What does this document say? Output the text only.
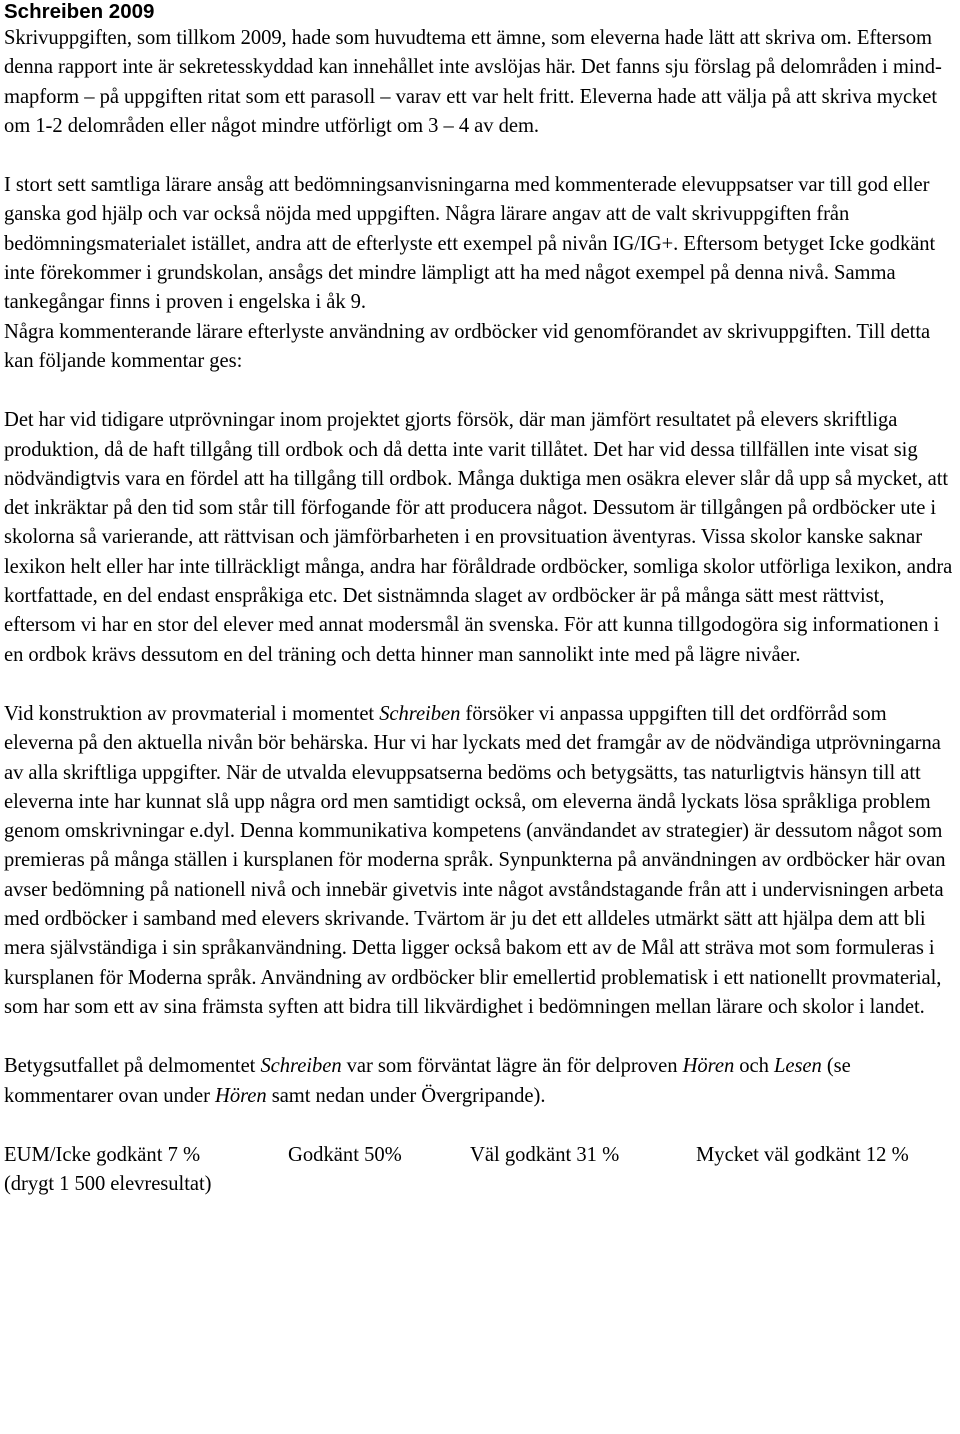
Schreiben 2009

Skrivuppgiften, som tillkom 2009, hade som huvudtema ett ämne, som eleverna hade lätt att skriva om. Eftersom denna rapport inte är sekretesskyddad kan innehållet inte avslöjas här. Det fanns sju förslag på delområden i mind-mapform – på uppgiften ritat som ett parasoll – varav ett var helt fritt. Eleverna hade att välja på att skriva mycket om 1-2 delområden eller något mindre utförligt om 3 – 4 av dem.

I stort sett samtliga lärare ansåg att bedömningsanvisningarna med kommenterade elevuppsatser var till god eller ganska god hjälp och var också nöjda med uppgiften. Några lärare angav att de valt skrivuppgiften från bedömningsmaterialet istället, andra att de efterlyste ett exempel på nivån IG/IG+. Eftersom betyget Icke godkänt inte förekommer i grundskolan, ansågs det mindre lämpligt att ha med något exempel på denna nivå. Samma tankegångar finns i proven i engelska i åk 9.

Några kommenterande lärare efterlyste användning av ordböcker vid genomförandet av skrivuppgiften. Till detta kan följande kommentar ges:

Det har vid tidigare utprövningar inom projektet gjorts försök, där man jämfört resultatet på elevers skriftliga produktion, då de haft tillgång till ordbok och då detta inte varit tillåtet. Det har vid dessa tillfällen inte visat sig nödvändigtvis vara en fördel att ha tillgång till ordbok. Många duktiga men osäkra elever slår då upp så mycket, att det inkräktar på den tid som står till förfogande för att producera något. Dessutom är tillgången på ordböcker ute i skolorna så varierande, att rättvisan och jämförbarheten i en provsituation äventyras. Vissa skolor kanske saknar lexikon helt eller har inte tillräckligt många, andra har föråldrade ordböcker, somliga skolor utförliga lexikon, andra kortfattade, en del endast enspråkiga etc. Det sistnämnda slaget av ordböcker är på många sätt mest rättvist, eftersom vi har en stor del elever med annat modersmål än svenska. För att kunna tillgodogöra sig informationen i en ordbok krävs dessutom en del träning och detta hinner man sannolikt inte med på lägre nivåer.

Vid konstruktion av provmaterial i momentet Schreiben försöker vi anpassa uppgiften till det ordförråd som eleverna på den aktuella nivån bör behärska. Hur vi har lyckats med det framgår av de nödvändiga utprövningarna av alla skriftliga uppgifter. När de utvalda elevuppsatserna bedöms och betygsätts, tas naturligtvis hänsyn till att eleverna inte har kunnat slå upp några ord men samtidigt också, om eleverna ändå lyckats lösa språkliga problem genom omskrivningar e.dyl. Denna kommunikativa kompetens (användandet av strategier) är dessutom något som premieras på många ställen i kursplanen för moderna språk. Synpunkterna på användningen av ordböcker här ovan avser bedömning på nationell nivå och innebär givetvis inte något avståndstagande från att i undervisningen arbeta med ordböcker i samband med elevers skrivande. Tvärtom är ju det ett alldeles utmärkt sätt att hjälpa dem att bli mera självständiga i sin språkanvändning. Detta ligger också bakom ett av de Mål att sträva mot som formuleras i kursplanen för Moderna språk. Användning av ordböcker blir emellertid problematisk i ett nationellt provmaterial, som har som ett av sina främsta syften att bidra till likvärdighet i bedömningen mellan lärare och skolor i landet.

Betygsutfallet på delmomentet Schreiben var som förväntat lägre än för delproven Hören och Lesen (se kommentarer ovan under Hören samt nedan under Övergripande).

EUM/Icke godkänt 7 %	Godkänt 50%	Väl godkänt 31 %	Mycket väl godkänt 12 %

(drygt 1 500 elevresultat)
